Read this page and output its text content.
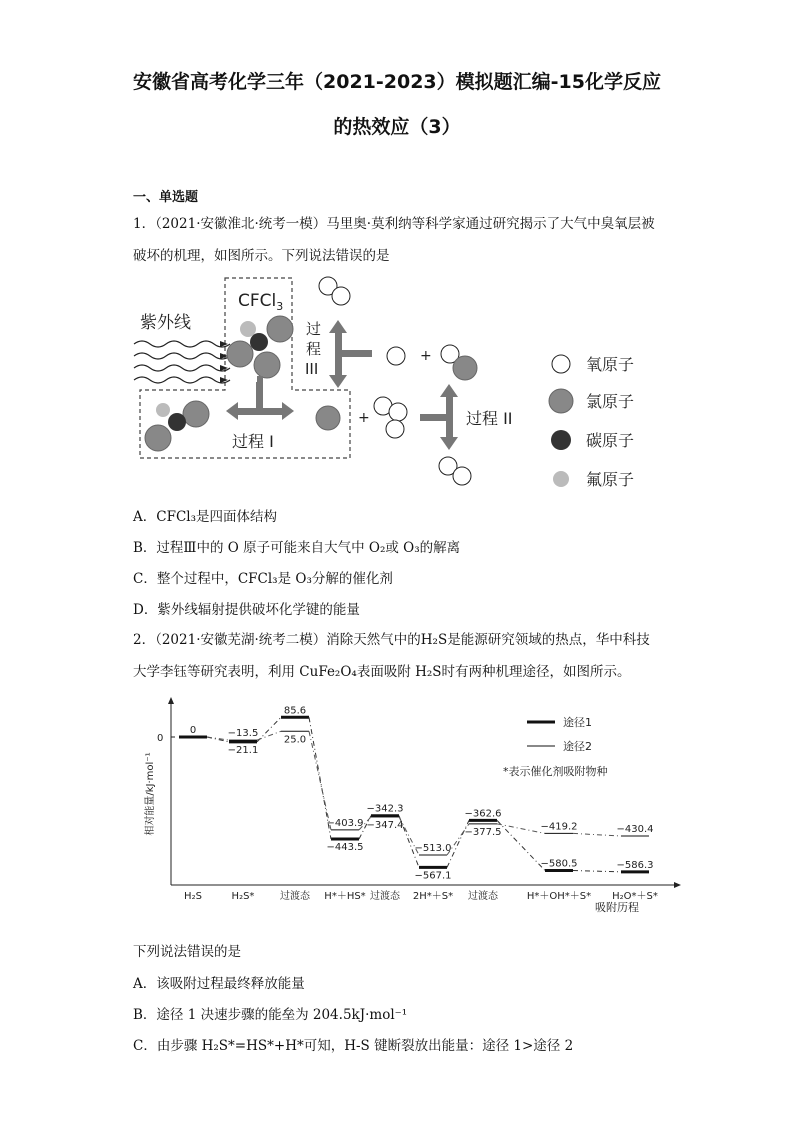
安徽省高考化学三年（2021-2023）模拟题汇编-15化学反应
的热效应（3）
一、单选题
1．（2021·安徽淮北·统考一模）马里奥·莫利纳等科学家通过研究揭示了大气中臭氧层被
破坏的机理，如图所示。下列说法错误的是
紫外线
CFCl$_3$
过程 I
+	过程 II
过程 III
+	氧原子
氯原子
碳原子
氟原子
A．CFCl₃是四面体结构
B．过程Ⅲ中的 O 原子可能来自大气中 O₂或 O₃的解离
C．整个过程中，CFCl₃是 O₃分解的催化剂
D．紫外线辐射提供破坏化学键的能量
2．（2021·安徽芜湖·统考二模）消除天然气中的H₂S是能源研究领域的热点，华中科技
大学李钰等研究表明，利用 CuFe₂O₄表面吸附 H₂S时有两种机理途径，如图所示。
0
相对能量/kJ·mol⁻¹
吸附历程
H₂S	H₂S*	过渡态 H*＋HS* 过渡态 2H*＋S* 过渡态	H*＋OH*＋S* H₂O*＋S*
0	−13.5
−21.1
85.6
25.0
−403.9
−443.5
−342.3
−347.4
−513.0
−567.1
−362.6
−377.5	−419.2
−580.5
−430.4
−586.3
途径1
途径2
*表示催化剂吸附物种
下列说法错误的是
A．该吸附过程最终释放能量
B．途径 1 决速步骤的能垒为 204.5kJ·mol⁻¹
C．由步骤 H₂S*=HS*+H*可知，H-S 键断裂放出能量：途径 1>途径 2
